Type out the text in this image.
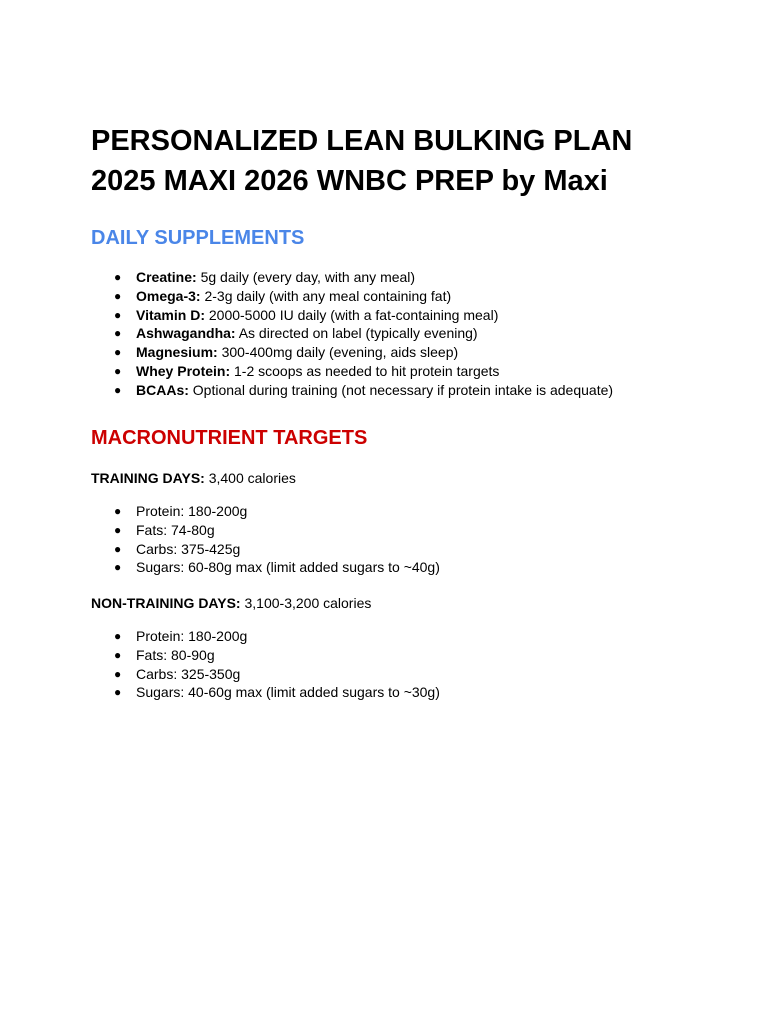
PERSONALIZED LEAN BULKING PLAN
2025 MAXI 2026 WNBC PREP by Maxi
DAILY SUPPLEMENTS
● Creatine: 5g daily (every day, with any meal)
● Omega-3: 2-3g daily (with any meal containing fat)
● Vitamin D: 2000-5000 IU daily (with a fat-containing meal)
● Ashwagandha: As directed on label (typically evening)
● Magnesium: 300-400mg daily (evening, aids sleep)
● Whey Protein: 1-2 scoops as needed to hit protein targets
● BCAAs: Optional during training (not necessary if protein intake is adequate)
MACRONUTRIENT TARGETS

TRAINING DAYS: 3,400 calories

● Protein: 180-200g
● Fats: 74-80g
● Carbs: 375-425g
● Sugars: 60-80g max (limit added sugars to ~40g)

NON-TRAINING DAYS: 3,100-3,200 calories

● Protein: 180-200g
● Fats: 80-90g
● Carbs: 325-350g
● Sugars: 40-60g max (limit added sugars to ~30g)
